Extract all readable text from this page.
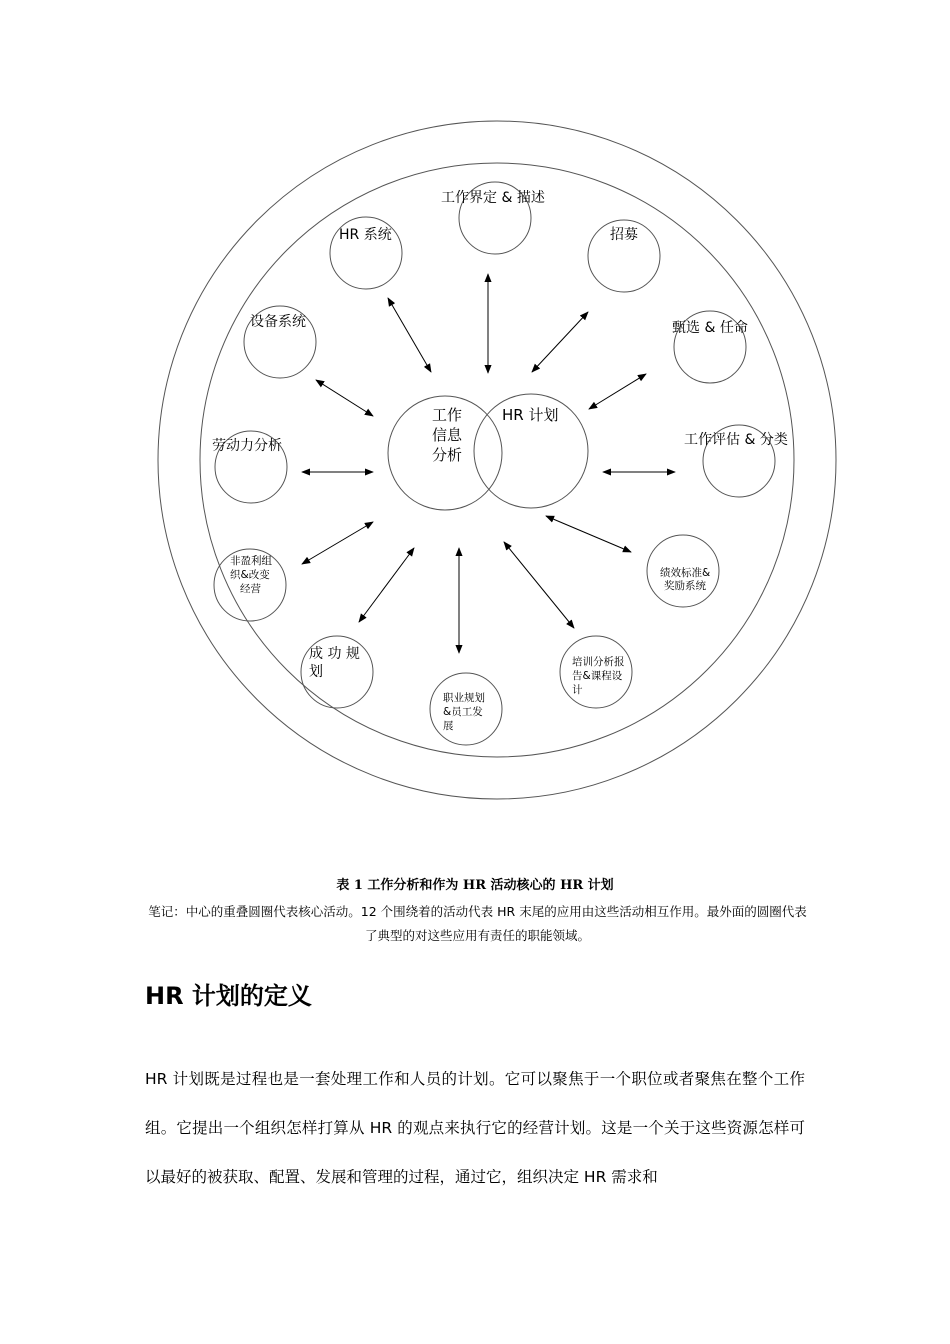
工作
信息
分析
HR 计划
工作界定 & 描述
招募
甄选 & 任命
工作评估 & 分类
绩效标准&
奖励系统
培训分析报
告&课程设
计
职业规划
&员工发
展
成 功 规
划
非盈利组
织&改变
经营
劳动力分析
设备系统
HR 系统
表 1 工作分析和作为 HR 活动核心的 HR 计划
笔记：中心的重叠圆圈代表核心活动。12 个围绕着的活动代表 HR 末尾的应用由这些活动相互作用。最外面的圆圈代表了典型的对这些应用有责任的职能领域。
HR 计划的定义

HR 计划既是过程也是一套处理工作和人员的计划。它可以聚焦于一个职位或者聚焦在整个工作组。它提出一个组织怎样打算从 HR 的观点来执行它的经营计划。这是一个关于这些资源怎样可以最好的被获取、配置、发展和管理的过程，通过它，组织决定 HR 需求和
